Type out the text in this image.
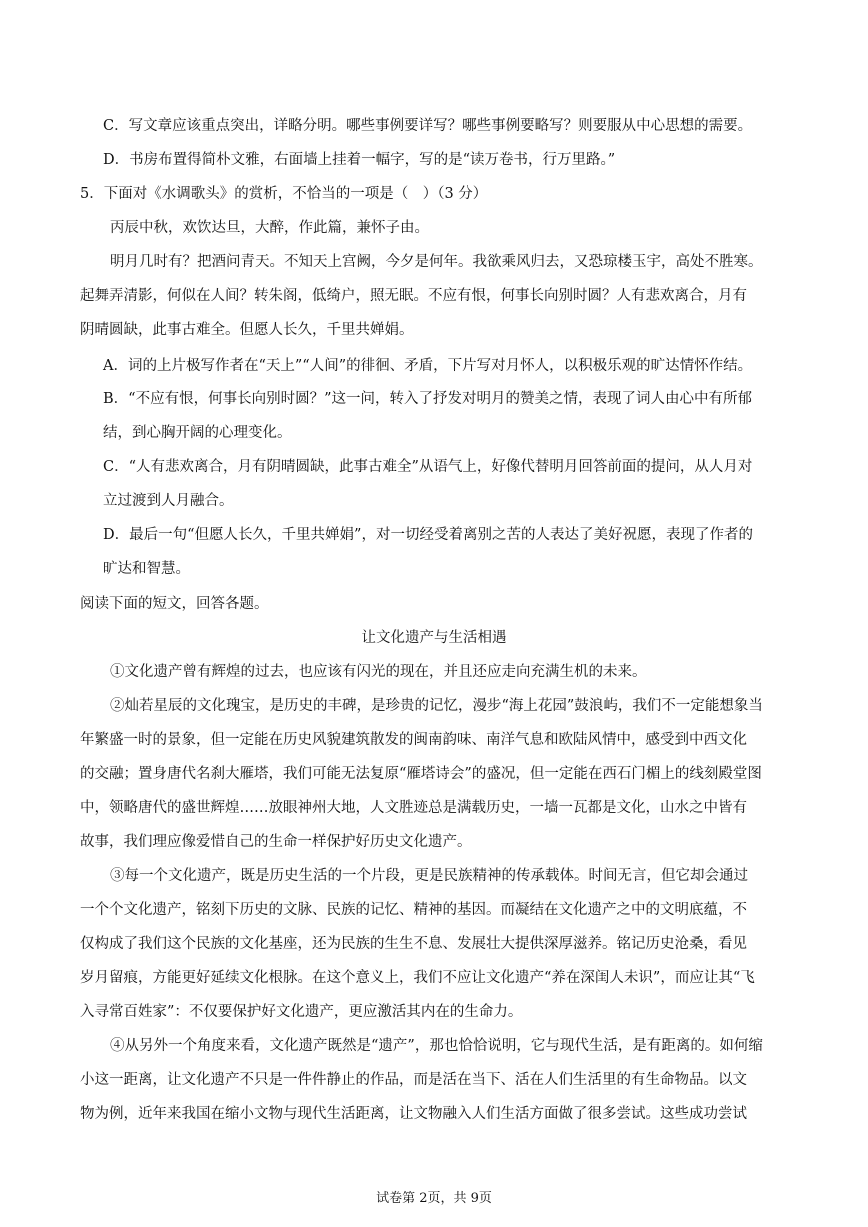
C．写文章应该重点突出，详略分明。哪些事例要详写？哪些事例要略写？则要服从中心思想的需要。
D．书房布置得简朴文雅，右面墙上挂着一幅字，写的是“读万卷书，行万里路。”
5．下面对《水调歌头》的赏析，不恰当的一项是（　）（3 分）
丙辰中秋，欢饮达旦，大醉，作此篇，兼怀子由。
明月几时有？把酒问青天。不知天上宫阙，今夕是何年。我欲乘风归去，又恐琼楼玉宇，高处不胜寒。
起舞弄清影，何似在人间？转朱阁，低绮户，照无眠。不应有恨，何事长向别时圆？人有悲欢离合，月有
阴晴圆缺，此事古难全。但愿人长久，千里共婵娟。
A．词的上片极写作者在“天上”“人间”的徘徊、矛盾，下片写对月怀人，以积极乐观的旷达情怀作结。
B．“不应有恨，何事长向别时圆？”这一问，转入了抒发对明月的赞美之情，表现了词人由心中有所郁
结，到心胸开阔的心理变化。
C．“人有悲欢离合，月有阴晴圆缺，此事古难全”从语气上，好像代替明月回答前面的提问，从人月对
立过渡到人月融合。
D．最后一句“但愿人长久，千里共婵娟”，对一切经受着离别之苦的人表达了美好祝愿，表现了作者的
旷达和智慧。
阅读下面的短文，回答各题。
让文化遗产与生活相遇
①文化遗产曾有辉煌的过去，也应该有闪光的现在，并且还应走向充满生机的未来。
②灿若星辰的文化瑰宝，是历史的丰碑，是珍贵的记忆，漫步“海上花园”鼓浪屿，我们不一定能想象当
年繁盛一时的景象，但一定能在历史风貌建筑散发的闽南韵味、南洋气息和欧陆风情中，感受到中西文化
的交融；置身唐代名刹大雁塔，我们可能无法复原“雁塔诗会”的盛况，但一定能在西石门楣上的线刻殿堂图
中，领略唐代的盛世辉煌……放眼神州大地，人文胜迹总是满载历史，一墙一瓦都是文化，山水之中皆有
故事，我们理应像爱惜自己的生命一样保护好历史文化遗产。
③每一个文化遗产，既是历史生活的一个片段，更是民族精神的传承载体。时间无言，但它却会通过
一个个文化遗产，铭刻下历史的文脉、民族的记忆、精神的基因。而凝结在文化遗产之中的文明底蕴，不
仅构成了我们这个民族的文化基座，还为民族的生生不息、发展壮大提供深厚滋养。铭记历史沧桑，看见
岁月留痕，方能更好延续文化根脉。在这个意义上，我们不应让文化遗产“养在深闺人未识”，而应让其“飞
入寻常百姓家”：不仅要保护好文化遗产，更应激活其内在的生命力。
④从另外一个角度来看，文化遗产既然是“遗产”，那也恰恰说明，它与现代生活，是有距离的。如何缩
小这一距离，让文化遗产不只是一件件静止的作品，而是活在当下、活在人们生活里的有生命物品。以文
物为例，近年来我国在缩小文物与现代生活距离，让文物融入人们生活方面做了很多尝试。这些成功尝试
试卷第 2页，共 9页
